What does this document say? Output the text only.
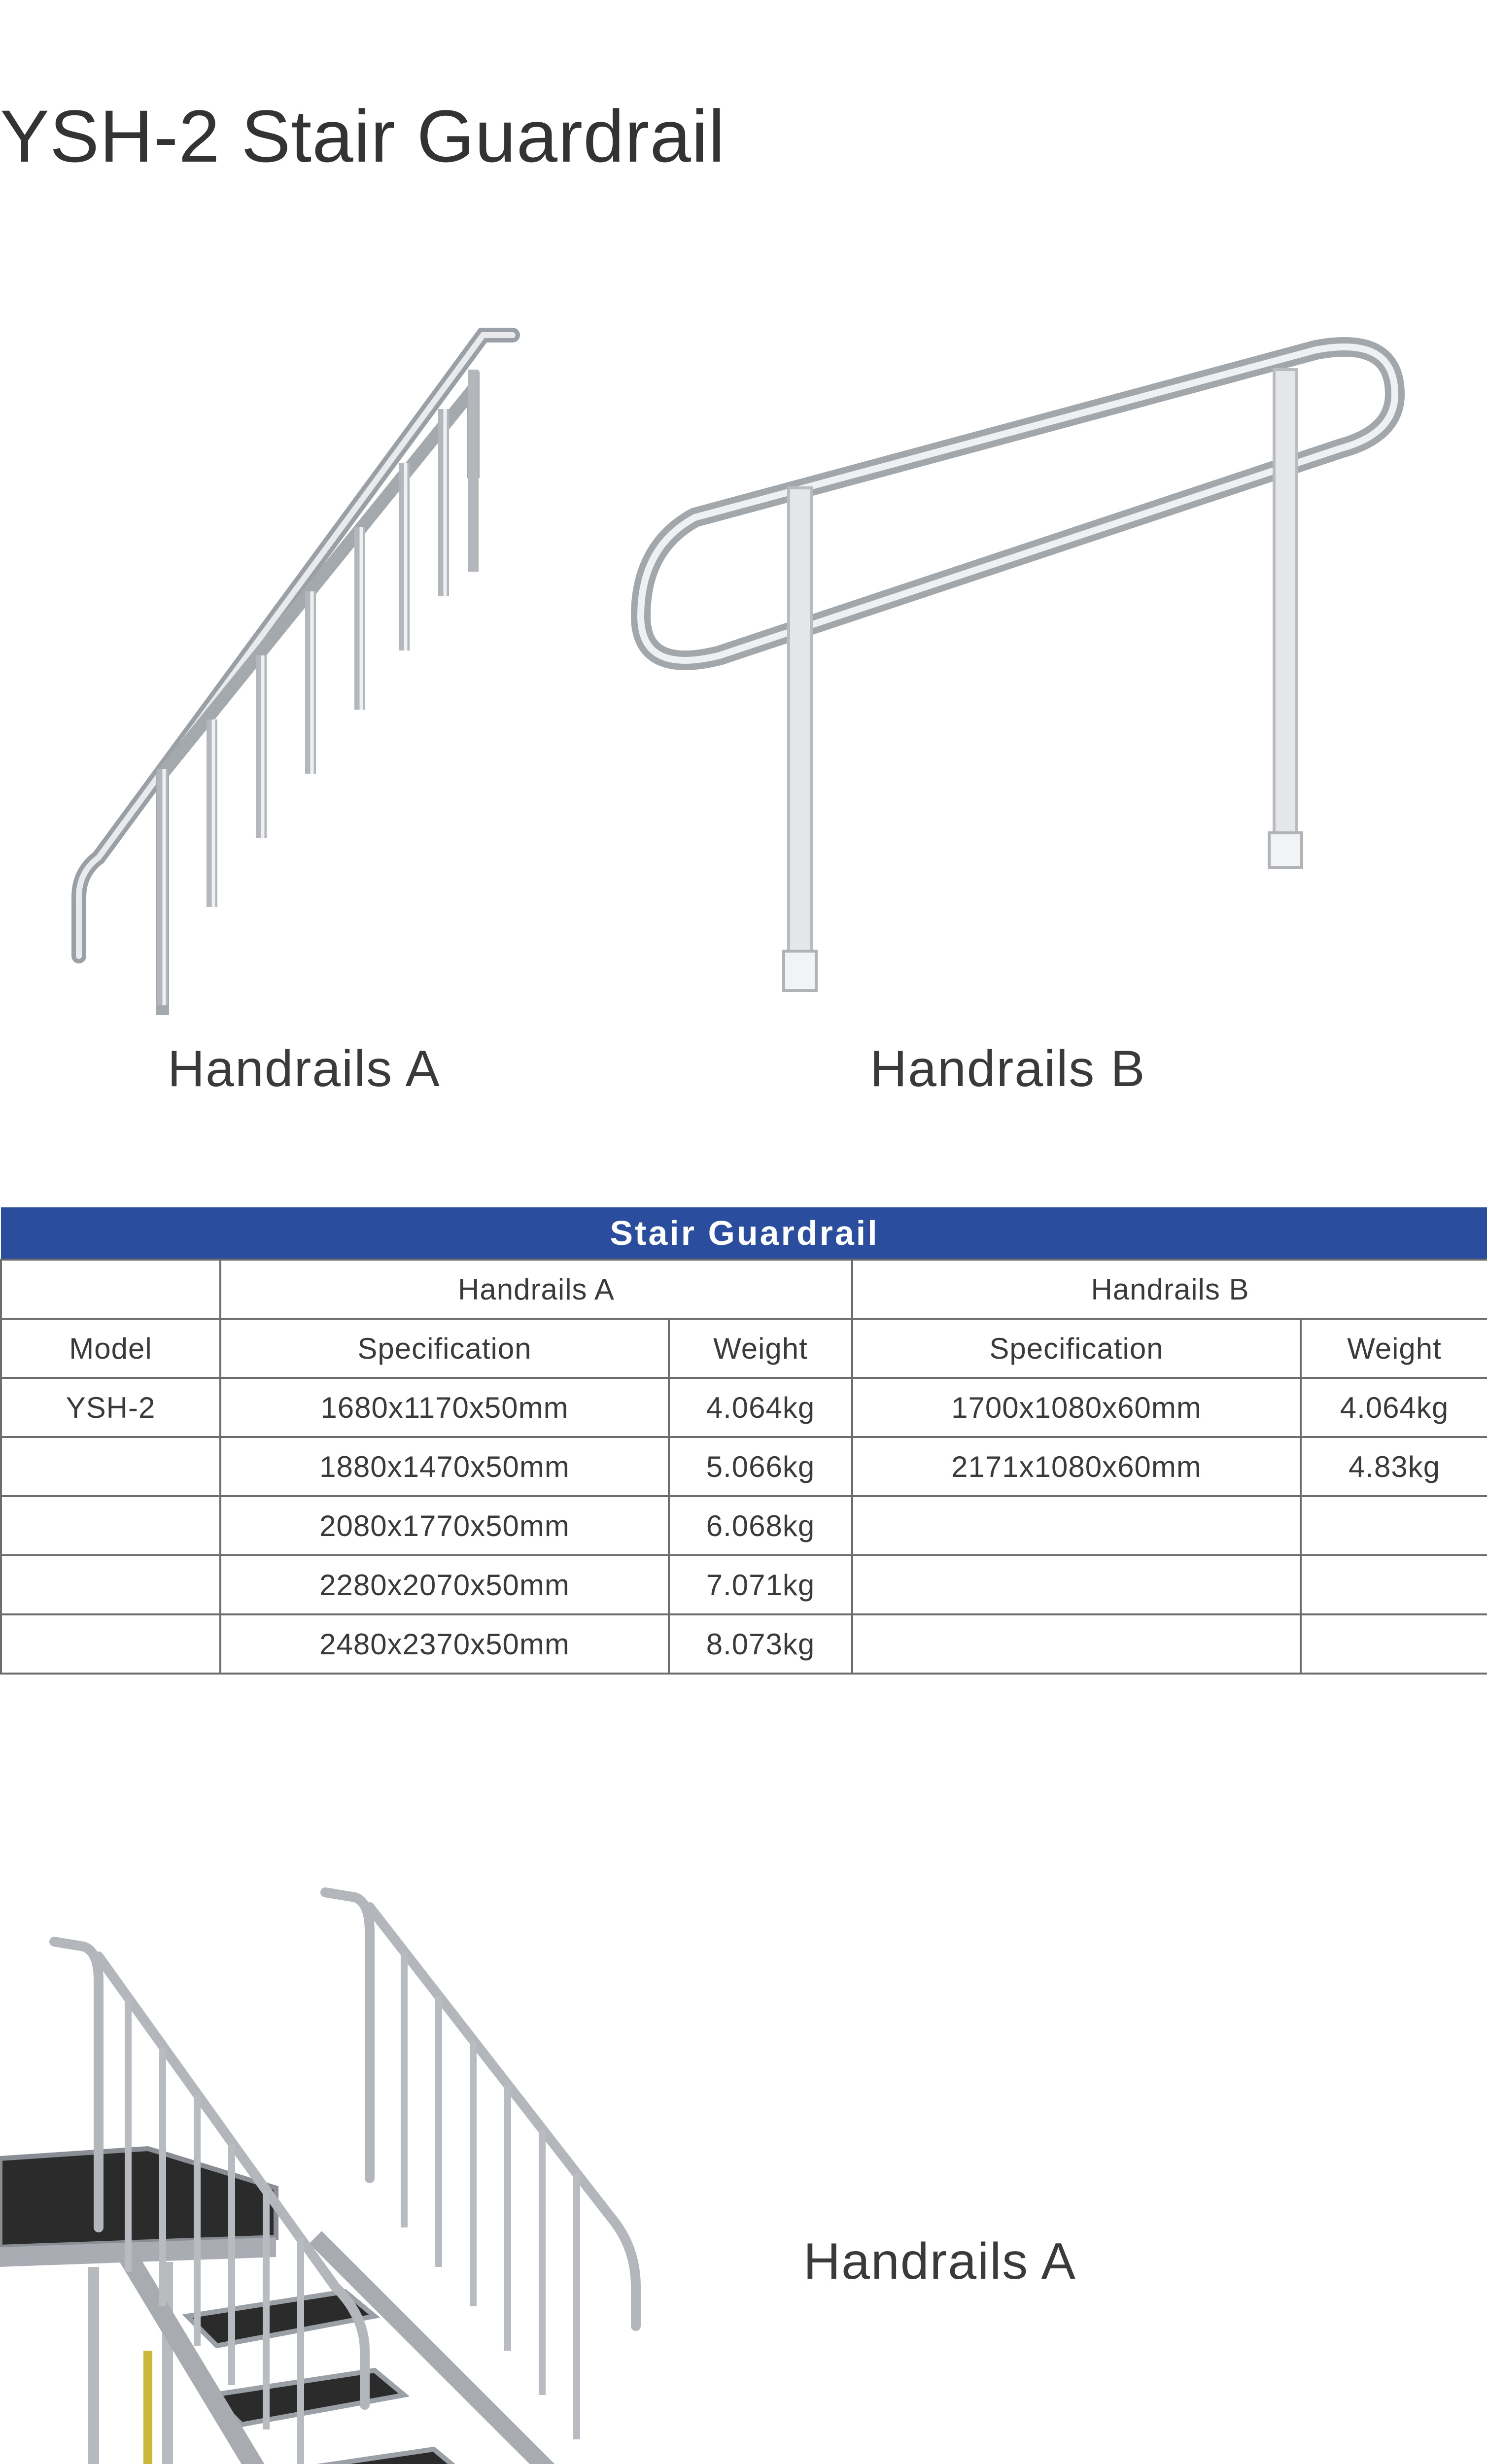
YSH-2 Stair Guardrail
Handrails A	Handrails B
Stair Guardrail				
	Handrails A		Handrails B	
Model	Specification	Weight	Specification	Weight
YSH-2	1680x1170x50mm	4.064kg	1700x1080x60mm	4.064kg
	1880x1470x50mm	5.066kg	2171x1080x60mm	4.83kg
	2080x1770x50mm	6.068kg		
	2280x2070x50mm	7.071kg		
	2480x2370x50mm	8.073kg		
Handrails A
